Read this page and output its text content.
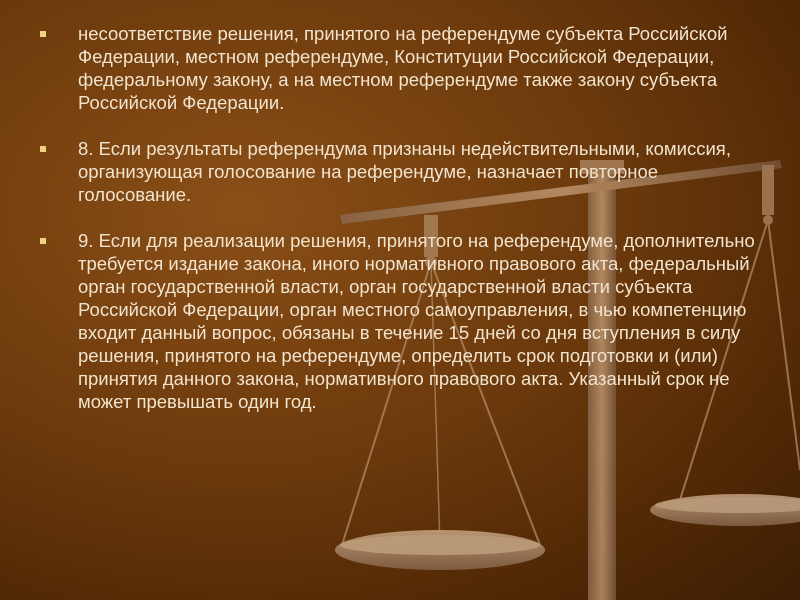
несоответствие решения, принятого на референдуме субъекта Российской Федерации, местном референдуме, Конституции Российской Федерации, федеральному закону, а на местном референдуме также закону субъекта Российской Федерации.
8. Если результаты референдума признаны недействительными, комиссия, организующая голосование на референдуме, назначает повторное голосование.
9. Если для реализации решения, принятого на референдуме, дополнительно требуется издание закона, иного нормативного правового акта, федеральный орган государственной власти, орган государственной власти субъекта Российской Федерации, орган местного самоуправления, в чью компетенцию входит данный вопрос, обязаны в течение 15 дней со дня вступления в силу решения, принятого на референдуме, определить срок подготовки и (или) принятия данного закона, нормативного правового акта. Указанный срок не может превышать один год.
